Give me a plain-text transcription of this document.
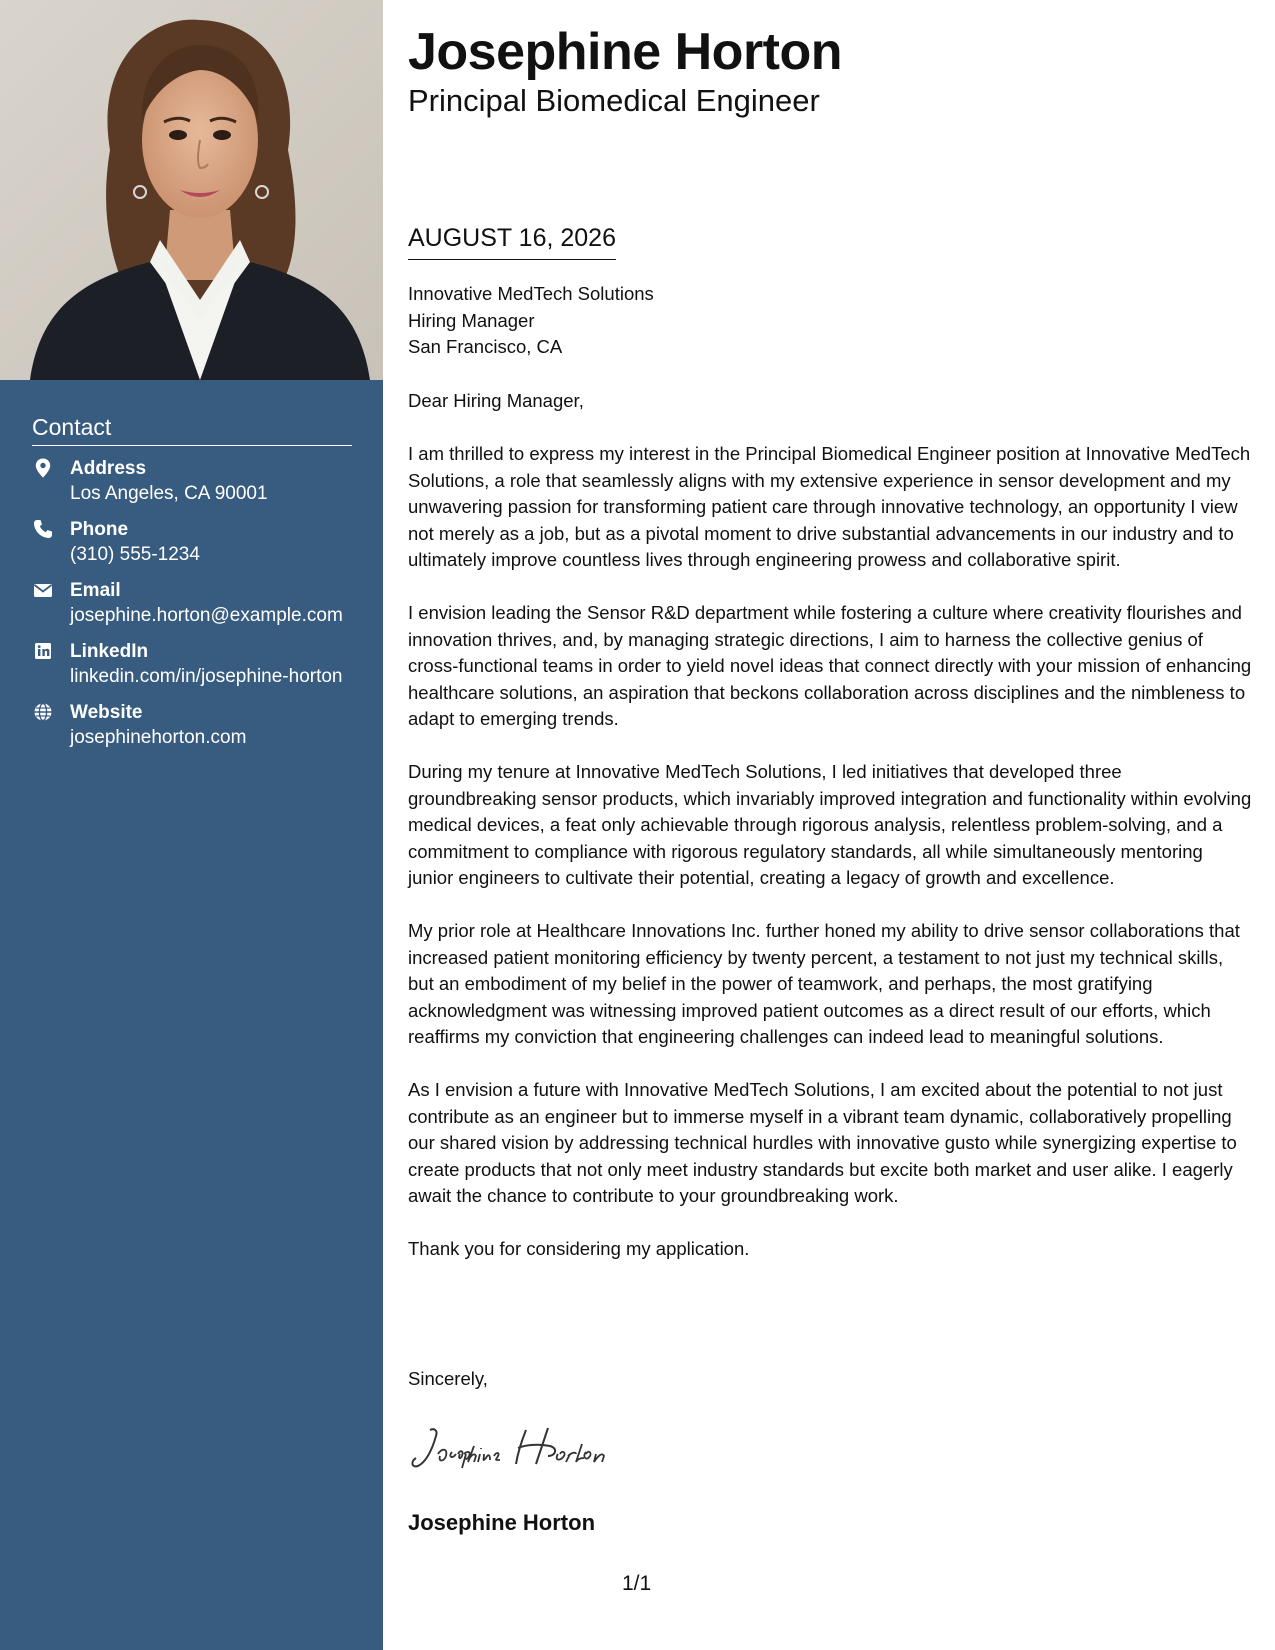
Contact
Address
Los Angeles, CA 90001
Phone
(310) 555-1234
Email
josephine.horton@example.com
LinkedIn
linkedin.com/in/josephine-horton
Website
josephinehorton.com
Josephine Horton
Principal Biomedical Engineer
AUGUST 16, 2026
Innovative MedTech Solutions
Hiring Manager
San Francisco, CA

Dear Hiring Manager,

I am thrilled to express my interest in the Principal Biomedical Engineer position at Innovative MedTech Solutions, a role that seamlessly aligns with my extensive experience in sensor development and my unwavering passion for transforming patient care through innovative technology, an opportunity I view not merely as a job, but as a pivotal moment to drive substantial advancements in our industry and to ultimately improve countless lives through engineering prowess and collaborative spirit.

I envision leading the Sensor R&D department while fostering a culture where creativity flourishes and innovation thrives, and, by managing strategic directions, I aim to harness the collective genius of cross-functional teams in order to yield novel ideas that connect directly with your mission of enhancing healthcare solutions, an aspiration that beckons collaboration across disciplines and the nimbleness to adapt to emerging trends.

During my tenure at Innovative MedTech Solutions, I led initiatives that developed three groundbreaking sensor products, which invariably improved integration and functionality within evolving medical devices, a feat only achievable through rigorous analysis, relentless problem-solving, and a commitment to compliance with rigorous regulatory standards, all while simultaneously mentoring junior engineers to cultivate their potential, creating a legacy of growth and excellence.

My prior role at Healthcare Innovations Inc. further honed my ability to drive sensor collaborations that increased patient monitoring efficiency by twenty percent, a testament to not just my technical skills, but an embodiment of my belief in the power of teamwork, and perhaps, the most gratifying acknowledgment was witnessing improved patient outcomes as a direct result of our efforts, which reaffirms my conviction that engineering challenges can indeed lead to meaningful solutions.

As I envision a future with Innovative MedTech Solutions, I am excited about the potential to not just contribute as an engineer but to immerse myself in a vibrant team dynamic, collaboratively propelling our shared vision by addressing technical hurdles with innovative gusto while synergizing expertise to create products that not only meet industry standards but excite both market and user alike. I eagerly await the chance to contribute to your groundbreaking work.

Thank you for considering my application.

Sincerely,
Josephine Horton
1/1
